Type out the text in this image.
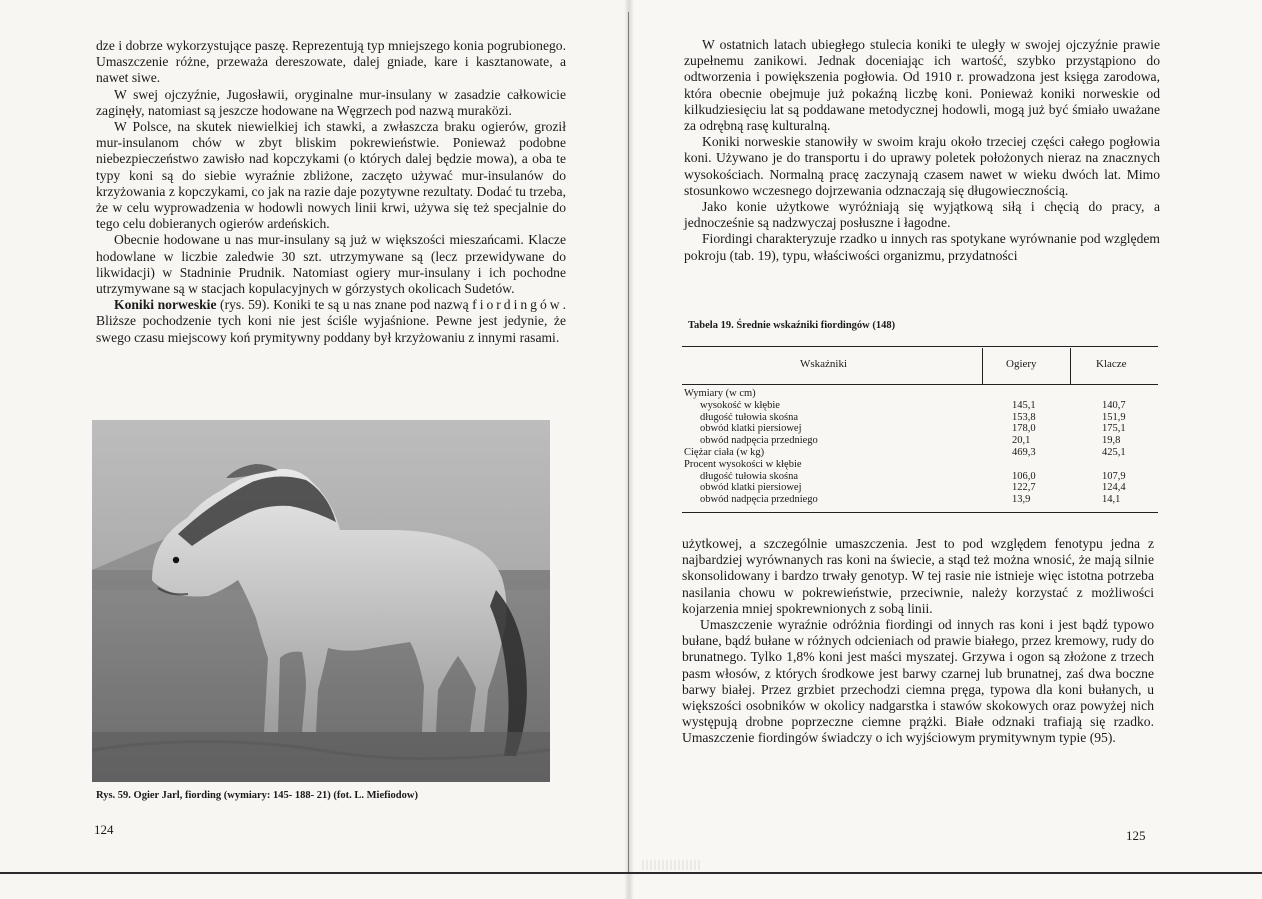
dze i dobrze wykorzystujące paszę. Reprezentują typ mniejszego konia pogrubionego. Umaszczenie różne, przeważa dereszowate, dalej gniade, kare i kasztanowate, a nawet siwe.

W swej ojczyźnie, Jugosławii, oryginalne mur-insulany w zasadzie całkowicie zaginęły, natomiast są jeszcze hodowane na Węgrzech pod nazwą muraközi.

W Polsce, na skutek niewielkiej ich stawki, a zwłaszcza braku ogierów, groził mur-insulanom chów w zbyt bliskim pokrewieństwie. Ponieważ podobne niebezpieczeństwo zawisło nad kopczykami (o których dalej będzie mowa), a oba te typy koni są do siebie wyraźnie zbliżone, zaczęto używać mur-insulanów do krzyżowania z kopczykami, co jak na razie daje pozytywne rezultaty. Dodać tu trzeba, że w celu wyprowadzenia w hodowli nowych linii krwi, używa się też specjalnie do tego celu dobieranych ogierów ardeńskich.

Obecnie hodowane u nas mur-insulany są już w większości mieszańcami. Klacze hodowlane w liczbie zaledwie 30 szt. utrzymywane są (lecz przewidywane do likwidacji) w Stadninie Prudnik. Natomiast ogiery mur-insulany i ich pochodne utrzymywane są w stacjach kopulacyjnych w górzystych okolicach Sudetów.

Koniki norweskie (rys. 59). Koniki te są u nas znane pod nazwą fiordingów. Bliższe pochodzenie tych koni nie jest ściśle wyjaśnione. Pewne jest jedynie, że swego czasu miejscowy koń prymitywny poddany był krzyżowaniu z innymi rasami.

Rys. 59. Ogier Jarl, fiording (wymiary: 145- 188- 21) (fot. L. Miefiodow)
124

W ostatnich latach ubiegłego stulecia koniki te uległy w swojej ojczyźnie prawie zupełnemu zanikowi. Jednak doceniając ich wartość, szybko przystąpiono do odtworzenia i powiększenia pogłowia. Od 1910 r. prowadzona jest księga zarodowa, która obecnie obejmuje już pokaźną liczbę koni. Ponieważ koniki norweskie od kilkudziesięciu lat są poddawane metodycznej hodowli, mogą już być śmiało uważane za odrębną rasę kulturalną.

Koniki norweskie stanowiły w swoim kraju około trzeciej części całego pogłowia koni. Używano je do transportu i do uprawy poletek położonych nieraz na znacznych wysokościach. Normalną pracę zaczynają czasem nawet w wieku dwóch lat. Mimo stosunkowo wczesnego dojrzewania odznaczają się długowiecznością.

Jako konie użytkowe wyróżniają się wyjątkową siłą i chęcią do pracy, a jednocześnie są nadzwyczaj posłuszne i łagodne.

Fiordingi charakteryzuje rzadko u innych ras spotykane wyrównanie pod względem pokroju (tab. 19), typu, właściwości organizmu, przydatności

Tabela 19. Średnie wskaźniki fiordingów (148)
Wskaźniki	Ogiery	Klacze
Wymiary (w cm)
wysokość w kłębie	145,1	140,7
długość tułowia skośna	153,8	151,9
obwód klatki piersiowej	178,0	175,1
obwód nadpęcia przedniego	20,1	19,8
Ciężar ciała (w kg)	469,3	425,1
Procent wysokości w kłębie
długość tułowia skośna	106,0	107,9
obwód klatki piersiowej	122,7	124,4
obwód nadpęcia przedniego	13,9	14,1

użytkowej, a szczególnie umaszczenia. Jest to pod względem fenotypu jedna z najbardziej wyrównanych ras koni na świecie, a stąd też można wnosić, że mają silnie skonsolidowany i bardzo trwały genotyp. W tej rasie nie istnieje więc istotna potrzeba nasilania chowu w pokrewieństwie, przeciwnie, należy korzystać z możliwości kojarzenia mniej spokrewnionych z sobą linii.

Umaszczenie wyraźnie odróżnia fiordingi od innych ras koni i jest bądź typowo bułane, bądź bułane w różnych odcieniach od prawie białego, przez kremowy, rudy do brunatnego. Tylko 1,8% koni jest maści myszatej. Grzywa i ogon są złożone z trzech pasm włosów, z których środkowe jest barwy czarnej lub brunatnej, zaś dwa boczne barwy białej. Przez grzbiet przechodzi ciemna pręga, typowa dla koni bułanych, u większości osobników w okolicy nadgarstka i stawów skokowych oraz powyżej nich występują drobne poprzeczne ciemne prążki. Białe odznaki trafiają się rzadko. Umaszczenie fiordingów świadczy o ich wyjściowym prymitywnym typie (95).

125
